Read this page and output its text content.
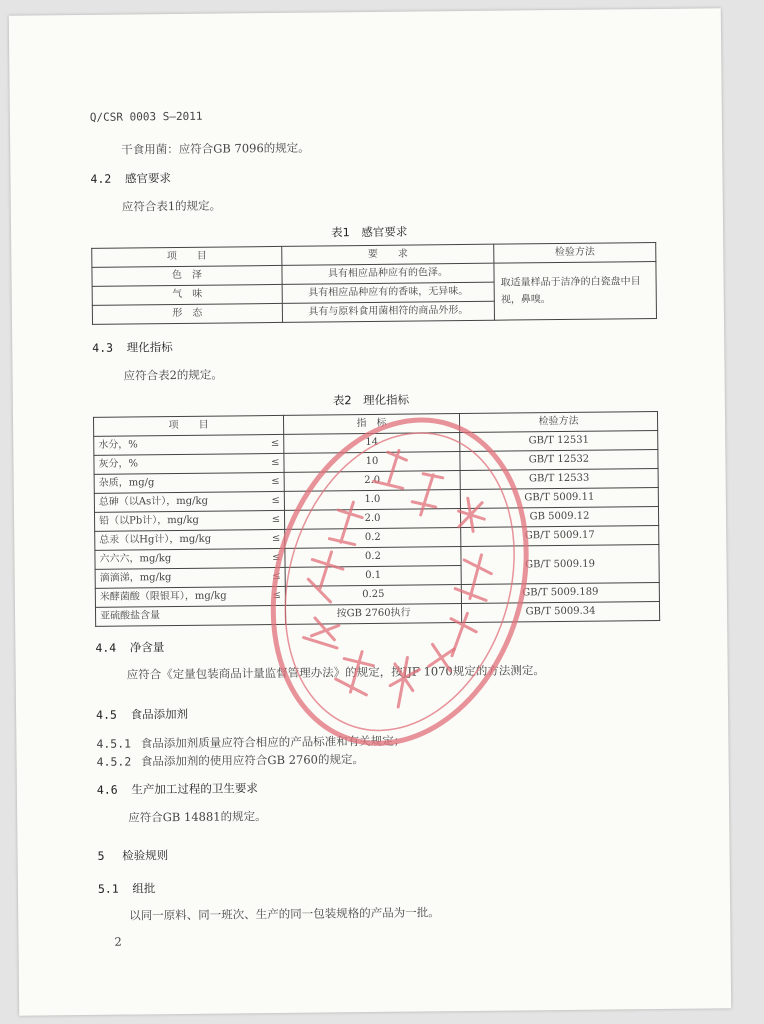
Q/CSR 0003 S—2011
干食用菌：应符合GB 7096的规定。
4.2 感官要求
应符合表1的规定。
表1　感官要求
项　　目	要　　求	检验方法
色　泽	具有相应品种应有的色泽。	取适量样品于洁净的白瓷盘中目视，鼻嗅。
气　味	具有相应品种应有的香味，无异味。	
形　态	具有与原料食用菌相符的商品外形。	
4.3 理化指标
应符合表2的规定。
表2　理化指标
项　　目	指　标	检验方法
水分，% ≤	14	GB/T 12531
灰分，% ≤	10	GB/T 12532
杂质，mg/g ≤	2.0	GB/T 12533
总砷（以As计），mg/kg ≤	1.0	GB/T 5009.11
铅（以Pb计），mg/kg ≤	2.0	GB 5009.12
总汞（以Hg计），mg/kg ≤	0.2	GB/T 5009.17
六六六，mg/kg ≤	0.2	GB/T 5009.19
滴滴涕，mg/kg ≤	0.1	
米酵菌酸（限银耳），mg/kg ≤	0.25	GB/T 5009.189
亚硫酸盐含量	按GB 2760执行	GB/T 5009.34
4.4 净含量
应符合《定量包装商品计量监督管理办法》的规定，按JJF 1070规定的方法测定。
4.5 食品添加剂
4.5.1 食品添加剂质量应符合相应的产品标准和有关规定；
4.5.2 食品添加剂的使用应符合GB 2760的规定。
4.6 生产加工过程的卫生要求
应符合GB 14881的规定。
5 检验规则
5.1 组批
以同一原料、同一班次、生产的同一包装规格的产品为一批。
2
